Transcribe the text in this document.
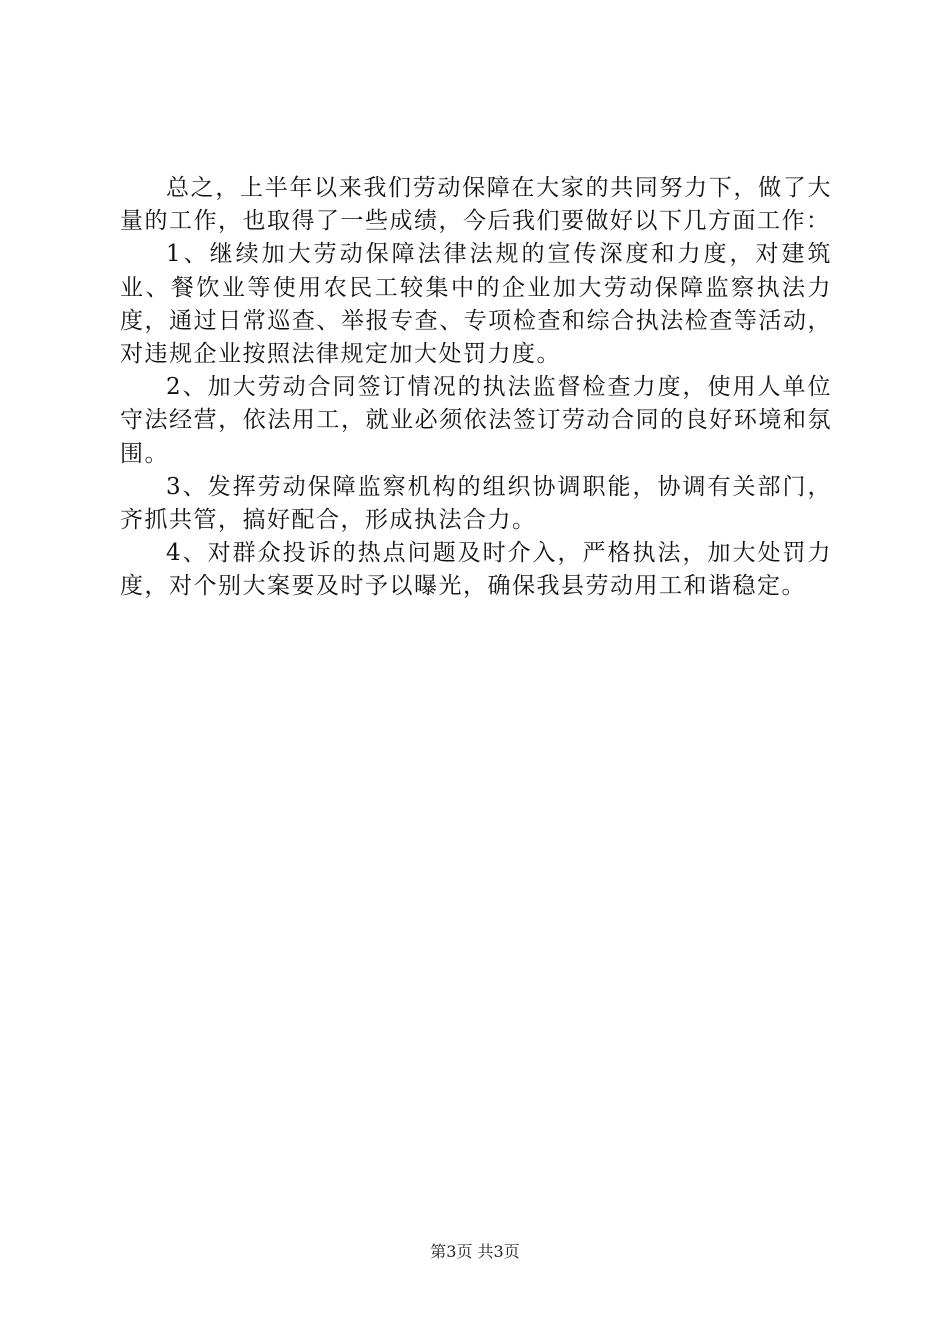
总之，上半年以来我们劳动保障在大家的共同努力下，做了大量的工作，也取得了一些成绩，今后我们要做好以下几方面工作：

1、继续加大劳动保障法律法规的宣传深度和力度，对建筑业、餐饮业等使用农民工较集中的企业加大劳动保障监察执法力度，通过日常巡查、举报专查、专项检查和综合执法检查等活动，对违规企业按照法律规定加大处罚力度。

2、加大劳动合同签订情况的执法监督检查力度，使用人单位守法经营，依法用工，就业必须依法签订劳动合同的良好环境和氛围。

3、发挥劳动保障监察机构的组织协调职能，协调有关部门，齐抓共管，搞好配合，形成执法合力。

4、对群众投诉的热点问题及时介入，严格执法，加大处罚力度，对个别大案要及时予以曝光，确保我县劳动用工和谐稳定。

第3页 共3页
